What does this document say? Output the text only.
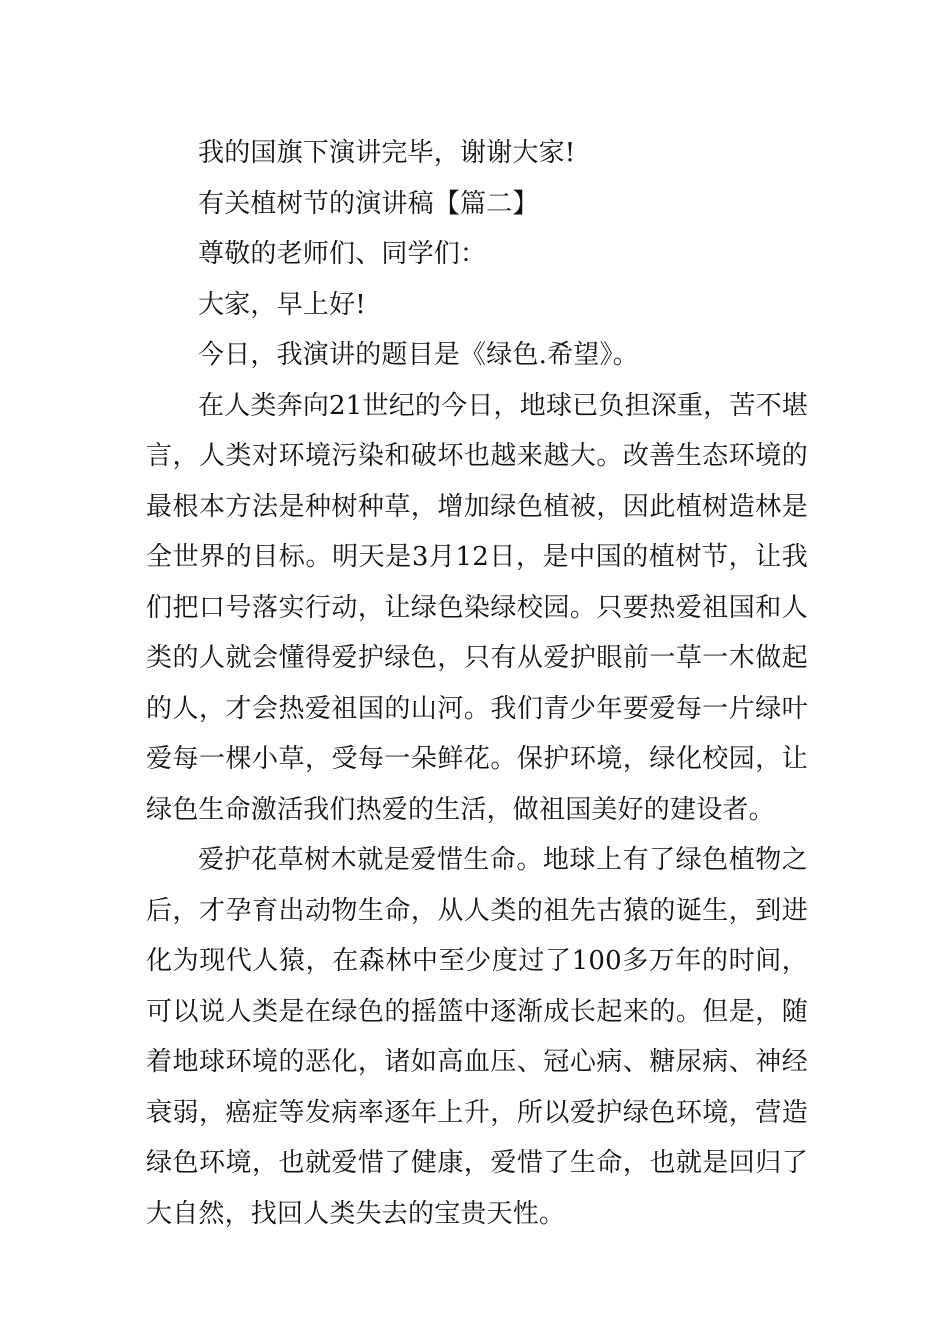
我的国旗下演讲完毕，谢谢大家!

有关植树节的演讲稿【篇二】

尊敬的老师们、同学们：

大家，早上好!

今日，我演讲的题目是《绿色.希望》。

在人类奔向21世纪的今日，地球已负担深重，苦不堪言，人类对环境污染和破坏也越来越大。改善生态环境的最根本方法是种树种草，增加绿色植被，因此植树造林是全世界的目标。明天是3月12日，是中国的植树节，让我们把口号落实行动，让绿色染绿校园。只要热爱祖国和人类的人就会懂得爱护绿色，只有从爱护眼前一草一木做起的人，才会热爱祖国的山河。我们青少年要爱每一片绿叶爱每一棵小草，受每一朵鲜花。保护环境，绿化校园，让绿色生命激活我们热爱的生活，做祖国美好的建设者。

爱护花草树木就是爱惜生命。地球上有了绿色植物之后，才孕育出动物生命，从人类的祖先古猿的诞生，到进化为现代人猿，在森林中至少度过了100多万年的时间，可以说人类是在绿色的摇篮中逐渐成长起来的。但是，随着地球环境的恶化，诸如高血压、冠心病、糖尿病、神经衰弱，癌症等发病率逐年上升，所以爱护绿色环境，营造绿色环境，也就爱惜了健康，爱惜了生命，也就是回归了大自然，找回人类失去的宝贵天性。
